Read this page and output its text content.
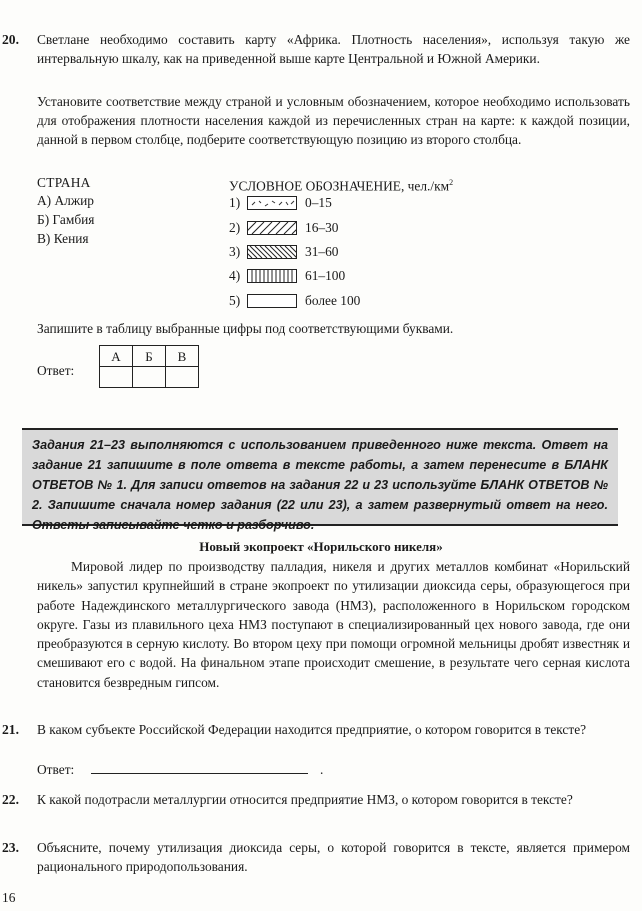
20. Светлане необходимо составить карту «Африка. Плотность населения», используя такую же интервальную шкалу, как на приведенной выше карте Центральной и Южной Америки.
Установите соответствие между страной и условным обозначением, которое необходимо использовать для отображения плотности населения каждой из перечисленных стран на карте: к каждой позиции, данной в первом столбце, подберите соответствующую позицию из второго столбца.
СТРАНА
А) Алжир
Б) Гамбия
В) Кения
УСЛОВНОЕ ОБОЗНАЧЕНИЕ, $чел./км^2$
1)	0–15
2)	16–30
3)	31–60
4)	61–100
5)	более 100
Запишите в таблицу выбранные цифры под соответствующими буквами.
Ответ:
А	Б	В

Задания 21–23 выполняются с использованием приведенного ниже текста. Ответ на задание 21 запишите в поле ответа в тексте работы, а затем перенесите в БЛАНК ОТВЕТОВ № 1. Для записи ответов на задания 22 и 23 используйте БЛАНК ОТВЕТОВ № 2. Запишите сначала номер задания (22 или 23), а затем развернутый ответ на него. Ответы записывайте четко и разборчиво.
Новый экопроект «Норильского никеля»
Мировой лидер по производству палладия, никеля и других металлов комбинат «Норильский никель» запустил крупнейший в стране экопроект по утилизации диоксида серы, образующегося при работе Надеждинского металлургического завода (НМЗ), расположенного в Норильском городском округе. Газы из плавильного цеха НМЗ поступают в специализированный цех нового завода, где они преобразуются в серную кислоту. Во втором цеху при помощи огромной мельницы дробят известняк и смешивают его с водой. На финальном этапе происходит смешение, в результате чего серная кислота становится безвредным гипсом.
21. В каком субъекте Российской Федерации находится предприятие, о котором говорится в тексте?
Ответ:	.
22. К какой подотрасли металлургии относится предприятие НМЗ, о котором говорится в тексте?
23. Объясните, почему утилизация диоксида серы, о которой говорится в тексте, является примером рационального природопользования.
16
